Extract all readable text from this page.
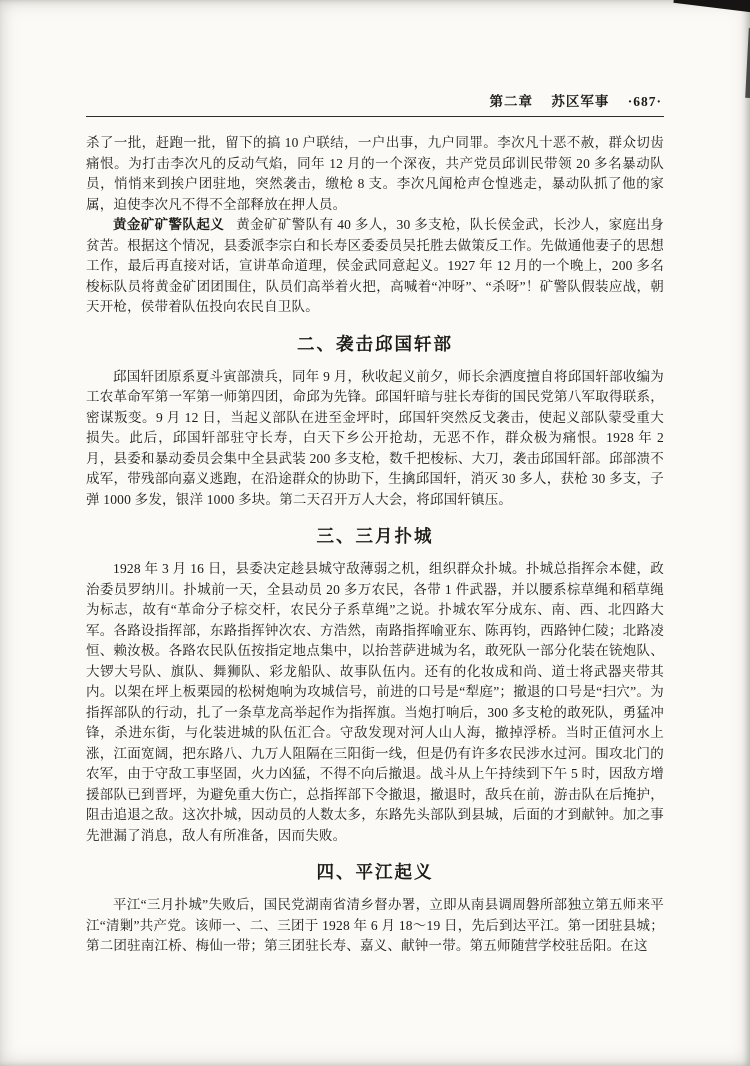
第二章 苏区军事 ·687·

杀了一批，赶跑一批，留下的搞 10 户联结，一户出事，九户同罪。李次凡十恶不赦，群众切齿痛恨。为打击李次凡的反动气焰，同年 12 月的一个深夜，共产党员邱训民带领 20 多名暴动队员，悄悄来到挨户团驻地，突然袭击，缴枪 8 支。李次凡闻枪声仓惶逃走，暴动队抓了他的家属，迫使李次凡不得不全部释放在押人员。

黄金矿矿警队起义 黄金矿矿警队有 40 多人，30 多支枪，队长侯金武，长沙人，家庭出身贫苦。根据这个情况，县委派李宗白和长寿区委委员吴托胜去做策反工作。先做通他妻子的思想工作，最后再直接对话，宣讲革命道理，侯金武同意起义。1927 年 12 月的一个晚上，200 多名梭标队员将黄金矿团团围住，队员们高举着火把，高喊着“冲呀”、“杀呀”！矿警队假装应战，朝天开枪，侯带着队伍投向农民自卫队。

二、袭击邱国轩部

邱国轩团原系夏斗寅部溃兵，同年 9 月，秋收起义前夕，师长余洒度擅自将邱国轩部收编为工农革命军第一军第一师第四团，命邱为先锋。邱国轩暗与驻长寿街的国民党第八军取得联系，密谋叛变。9 月 12 日，当起义部队在进至金坪时，邱国轩突然反戈袭击，使起义部队蒙受重大损失。此后，邱国轩部驻守长寿，白天下乡公开抢劫，无恶不作，群众极为痛恨。1928 年 2 月，县委和暴动委员会集中全县武装 200 多支枪，数千把梭标、大刀，袭击邱国轩部。邱部溃不成军，带残部向嘉义逃跑，在沿途群众的协助下，生擒邱国轩，消灭 30 多人，获枪 30 多支，子弹 1000 多发，银洋 1000 多块。第二天召开万人大会，将邱国轩镇压。

三、三月扑城

1928 年 3 月 16 日，县委决定趁县城守敌薄弱之机，组织群众扑城。扑城总指挥佘本健，政治委员罗纳川。扑城前一天，全县动员 20 多万农民，各带 1 件武器，并以腰系棕草绳和稻草绳为标志，故有“革命分子棕交杆，农民分子系草绳”之说。扑城农军分成东、南、西、北四路大军。各路设指挥部，东路指挥钟次农、方浩然，南路指挥喻亚东、陈再钧，西路钟仁陵；北路凌恒、赖汝极。各路农民队伍按指定地点集中，以抬菩萨进城为名，敢死队一部分化装在铳炮队、大锣大号队、旗队、舞狮队、彩龙船队、故事队伍内。还有的化妆成和尚、道士将武器夹带其内。以架在坪上板栗园的松树炮响为攻城信号，前进的口号是“犁庭”；撤退的口号是“扫穴”。为指挥部队的行动，扎了一条草龙高举起作为指挥旗。当炮打响后，300 多支枪的敢死队，勇猛冲锋，杀进东街，与化装进城的队伍汇合。守敌发现对河人山人海，撤掉浮桥。当时正值河水上涨，江面宽阔，把东路八、九万人阻隔在三阳街一线，但是仍有许多农民涉水过河。围攻北门的农军，由于守敌工事坚固，火力凶猛，不得不向后撤退。战斗从上午持续到下午 5 时，因敌方增援部队已到晋坪，为避免重大伤亡，总指挥部下令撤退，撤退时，敌兵在前，游击队在后掩护，阻击追退之敌。这次扑城，因动员的人数太多，东路先头部队到县城，后面的才到献钟。加之事先泄漏了消息，敌人有所准备，因而失败。

四、平江起义

平江“三月扑城”失败后，国民党湖南省清乡督办署，立即从南县调周磐所部独立第五师来平江“清剿”共产党。该师一、二、三团于 1928 年 6 月 18～19 日，先后到达平江。第一团驻县城；第二团驻南江桥、梅仙一带；第三团驻长寿、嘉义、献钟一带。第五师随营学校驻岳阳。在这
